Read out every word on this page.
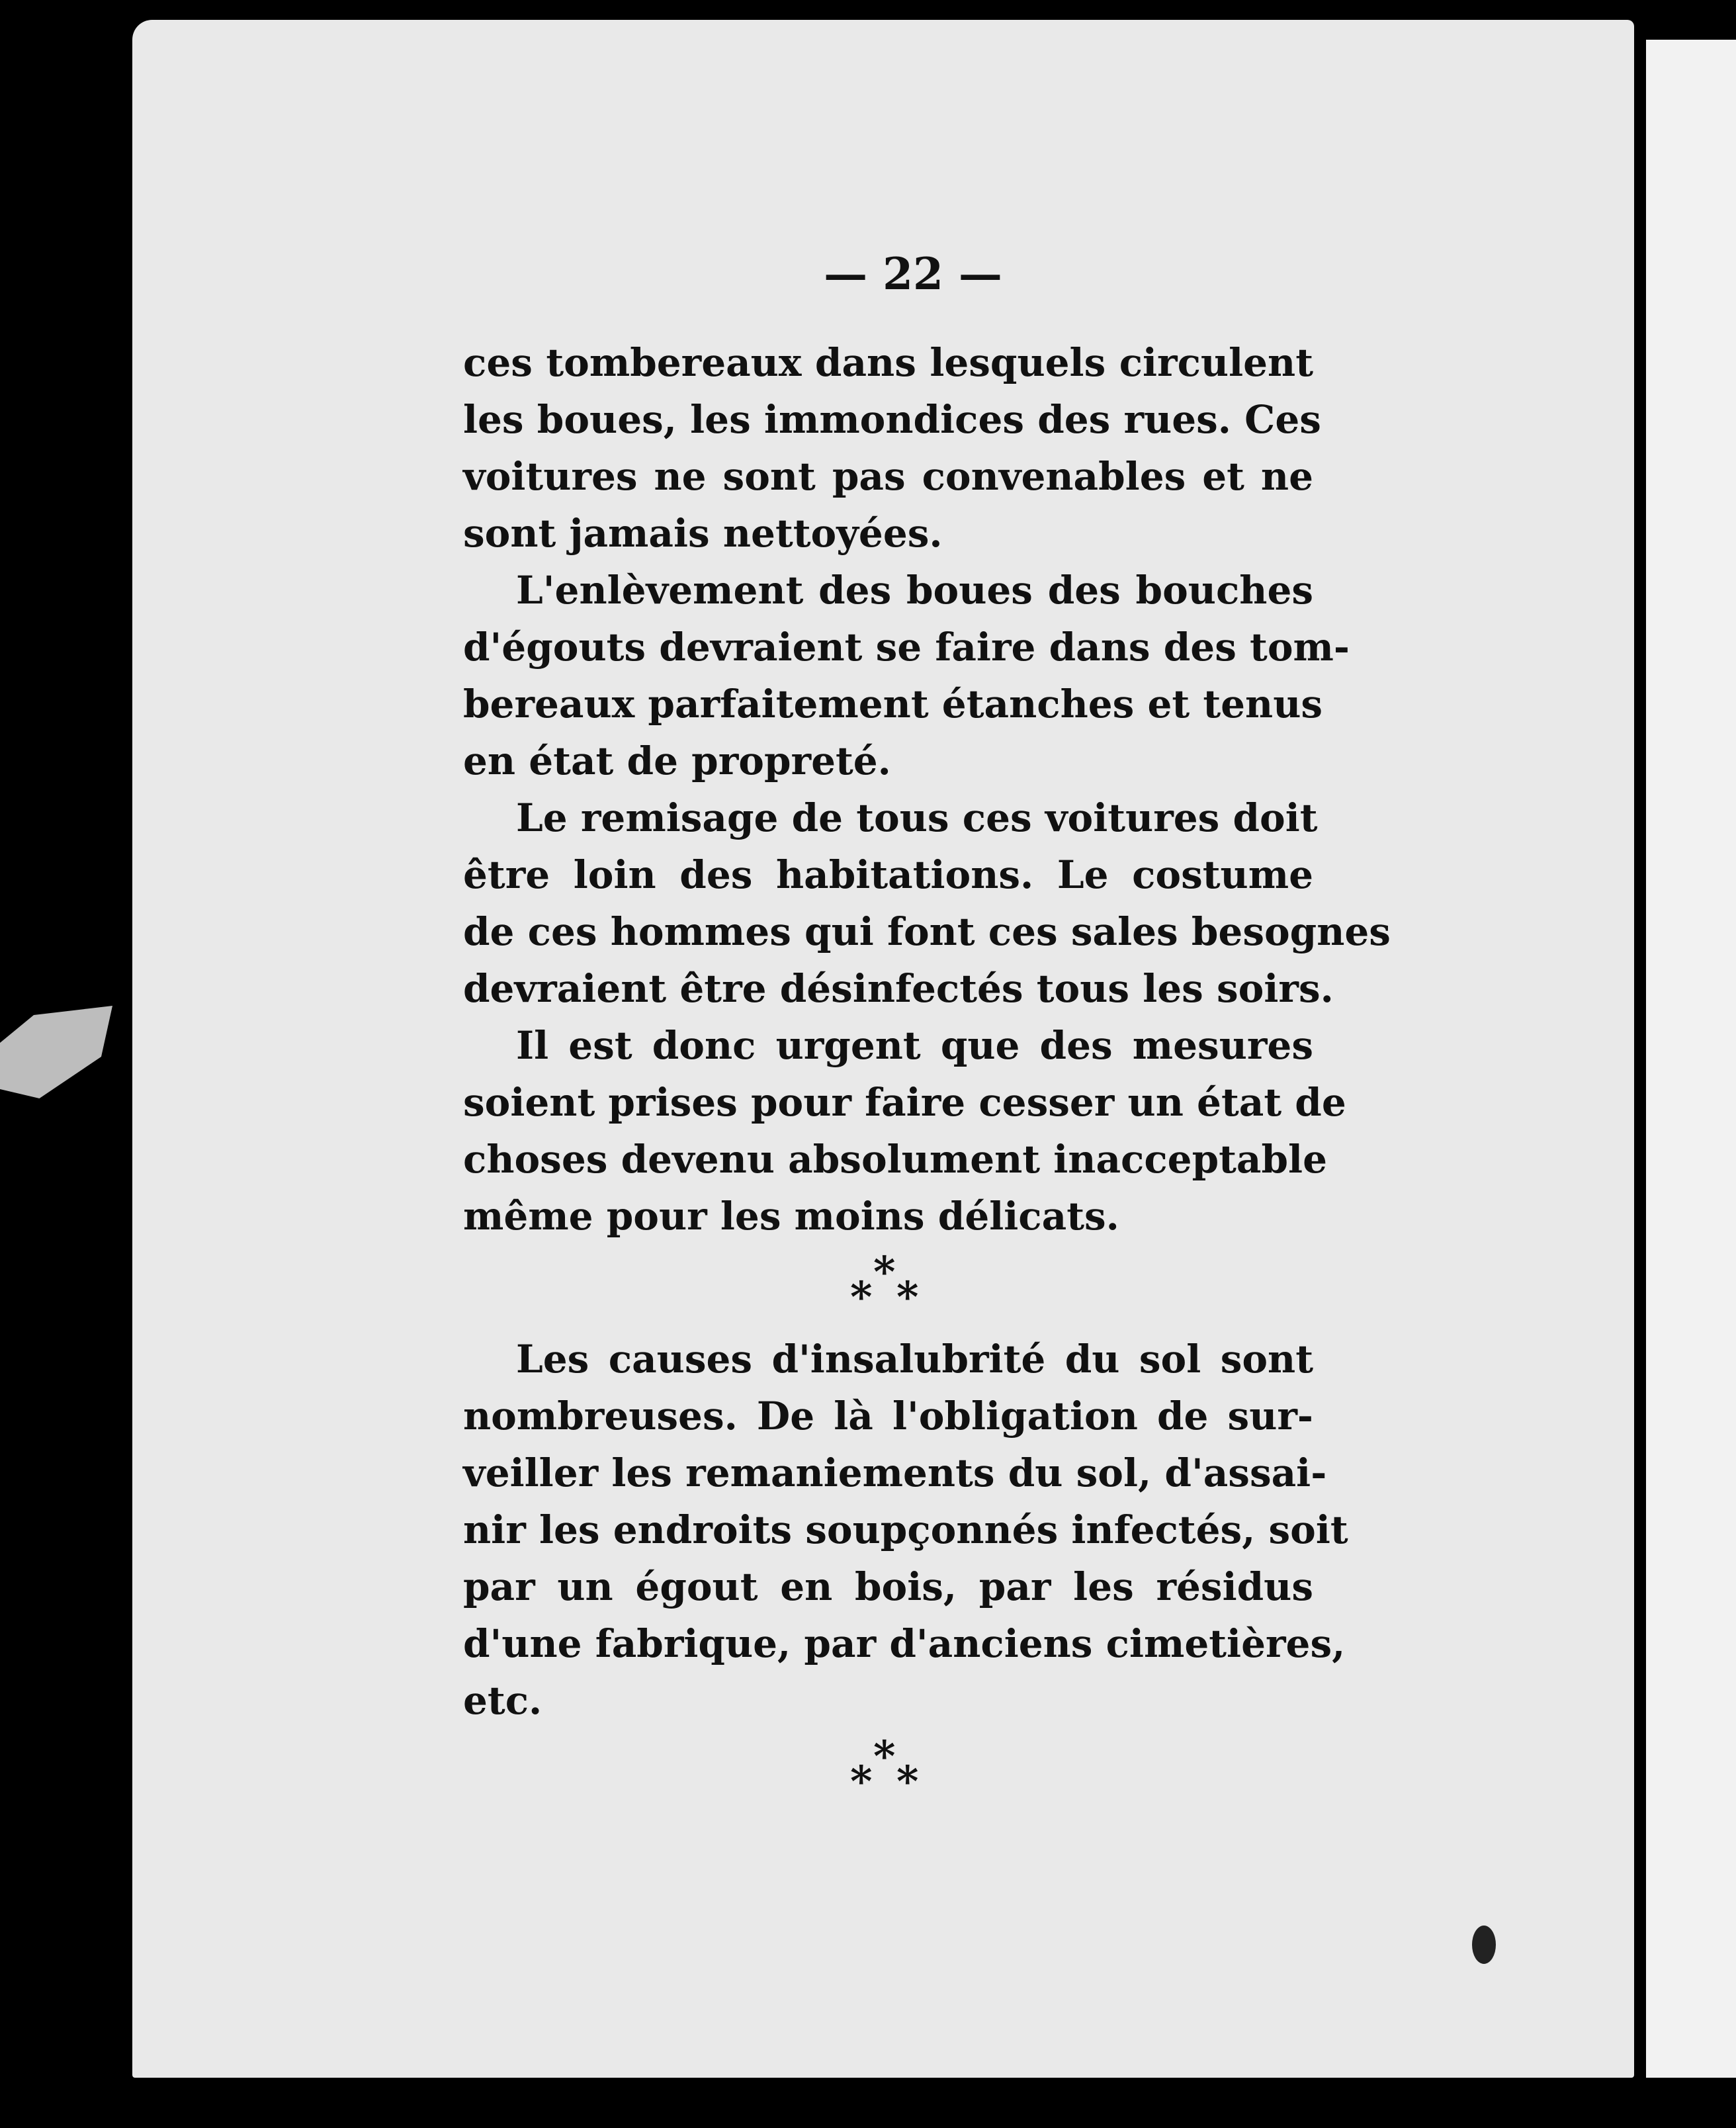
— 22 —

ces tombereaux dans lesquels circulent
les boues, les immondices des rues. Ces
voitures ne sont pas convenables et ne
sont jamais nettoyées.

L'enlèvement des boues des bouches
d'égouts devraient se faire dans des tom-
bereaux parfaitement étanches et tenus
en état de propreté.

Le remisage de tous ces voitures doit
être loin des habitations. Le costume
de ces hommes qui font ces sales besognes
devraient être désinfectés tous les soirs.

Il est donc urgent que des mesures
soient prises pour faire cesser un état de
choses devenu absolument inacceptable
même pour les moins délicats.

*
* *

Les causes d'insalubrité du sol sont
nombreuses. De là l'obligation de sur-
veiller les remaniements du sol, d'assai-
nir les endroits soupçonnés infectés, soit
par un égout en bois, par les résidus
d'une fabrique, par d'anciens cimetières,
etc.

*
* *
